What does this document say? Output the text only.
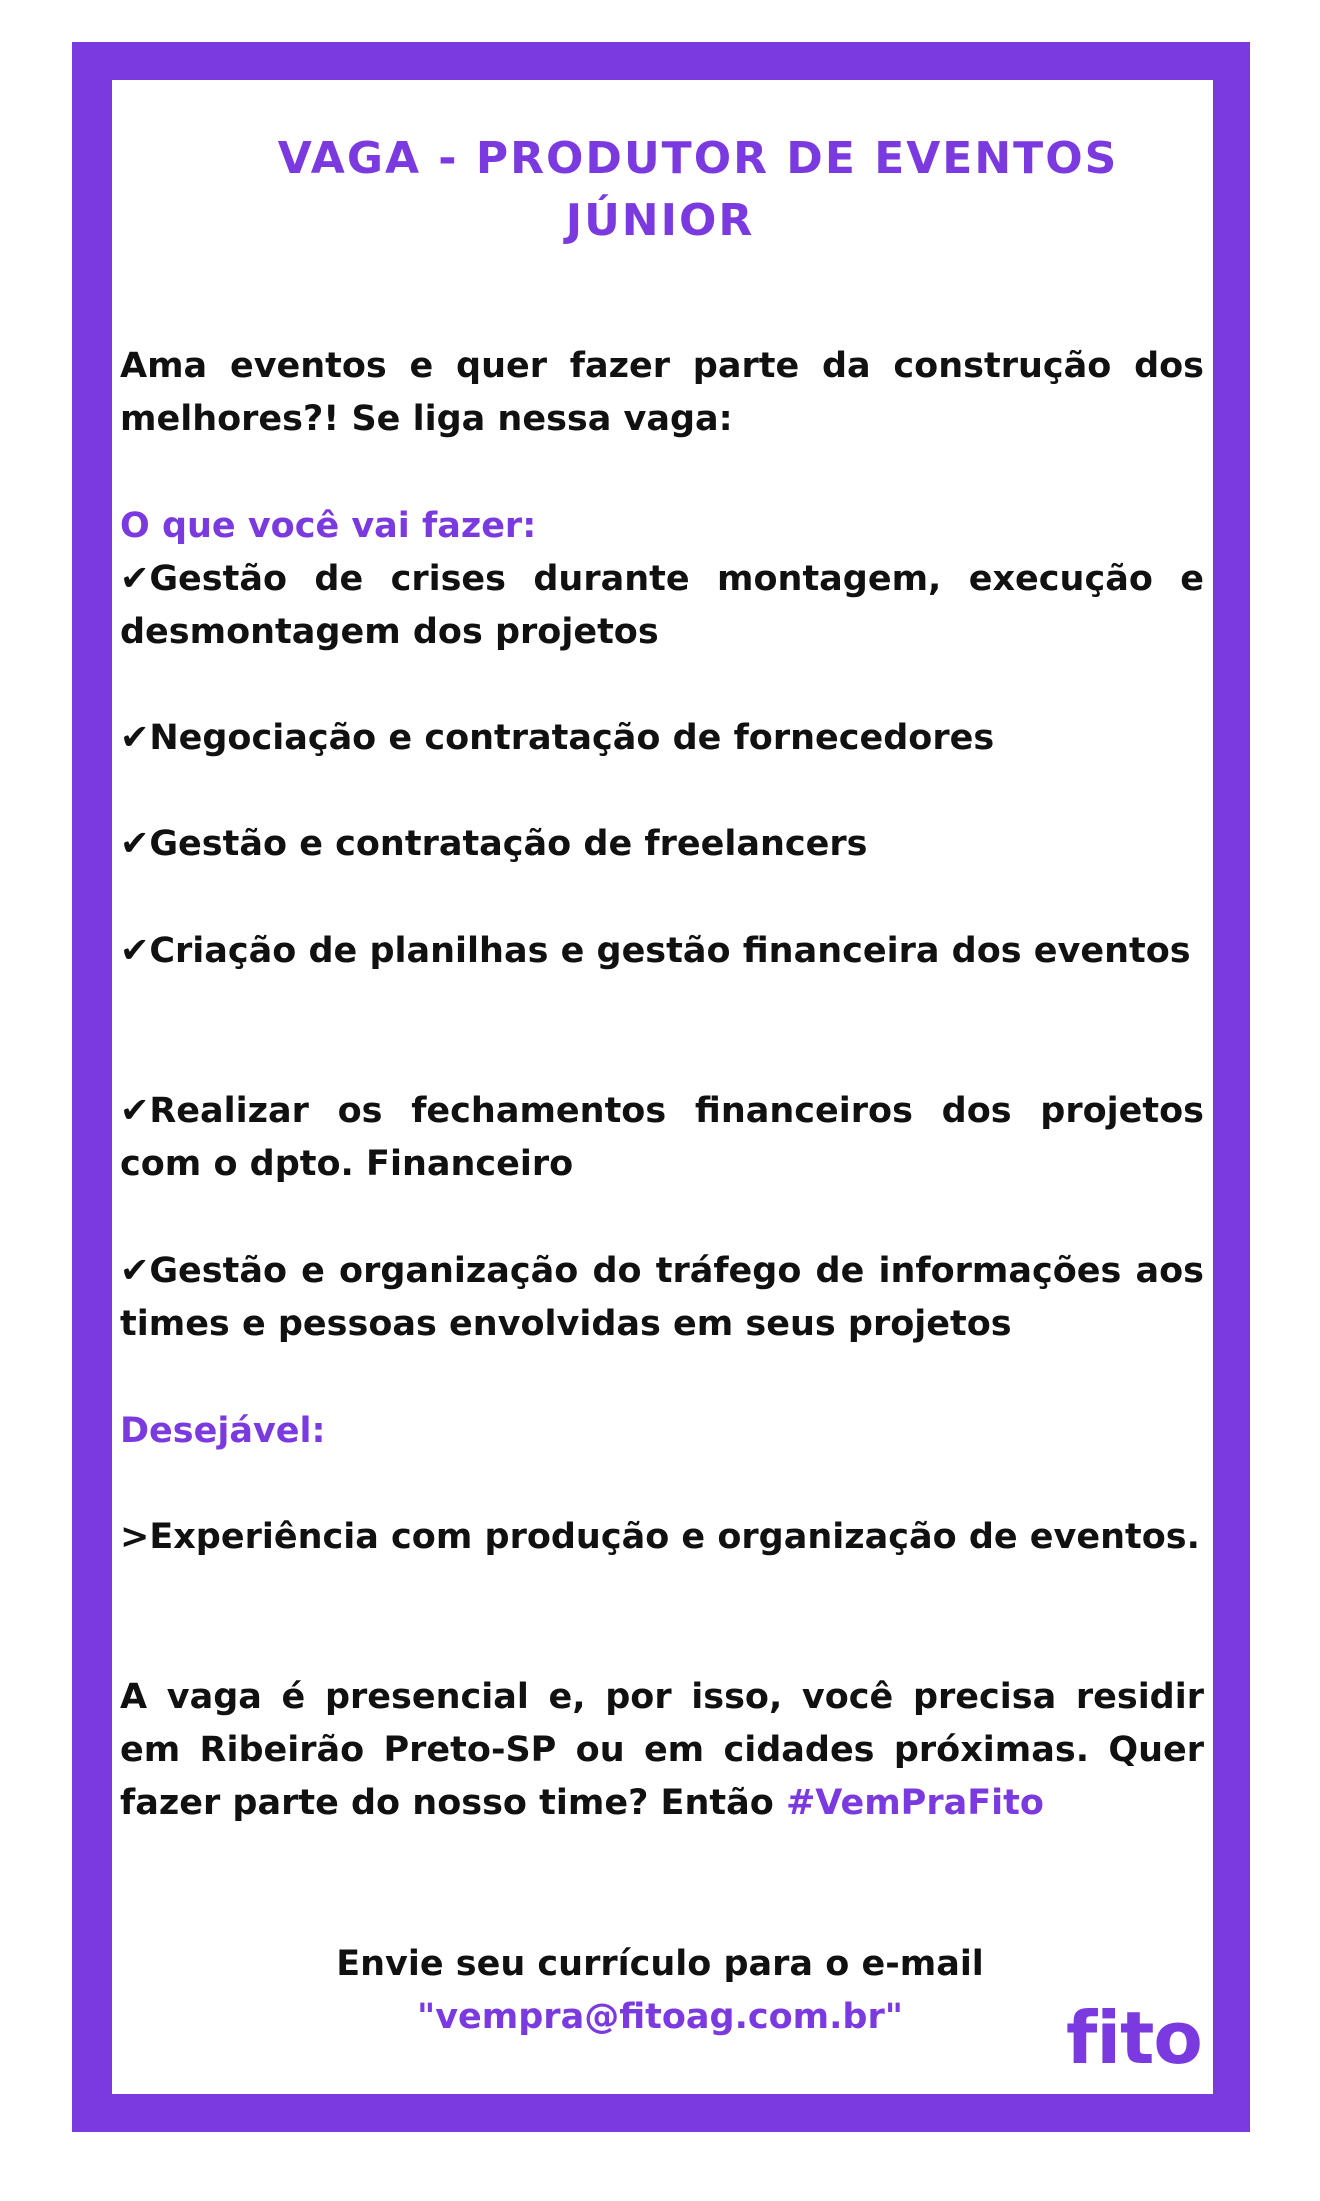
VAGA - PRODUTOR DE EVENTOS
JÚNIOR

Ama eventos e quer fazer parte da construção dos melhores?! Se liga nessa vaga:

O que você vai fazer:

✔Gestão de crises durante montagem, execução e desmontagem dos projetos

✔Negociação e contratação de fornecedores

✔Gestão e contratação de freelancers

✔Criação de planilhas e gestão financeira dos eventos

✔Realizar os fechamentos financeiros dos projetos com o dpto. Financeiro

✔Gestão e organização do tráfego de informações aos times e pessoas envolvidas em seus projetos

Desejável:

>Experiência com produção e organização de eventos.

A vaga é presencial e, por isso, você precisa residir em Ribeirão Preto-SP ou em cidades próximas. Quer fazer parte do nosso time? Então #VemPraFito

Envie seu currículo para o e-mail

"vempra@fitoag.com.br"	fito
